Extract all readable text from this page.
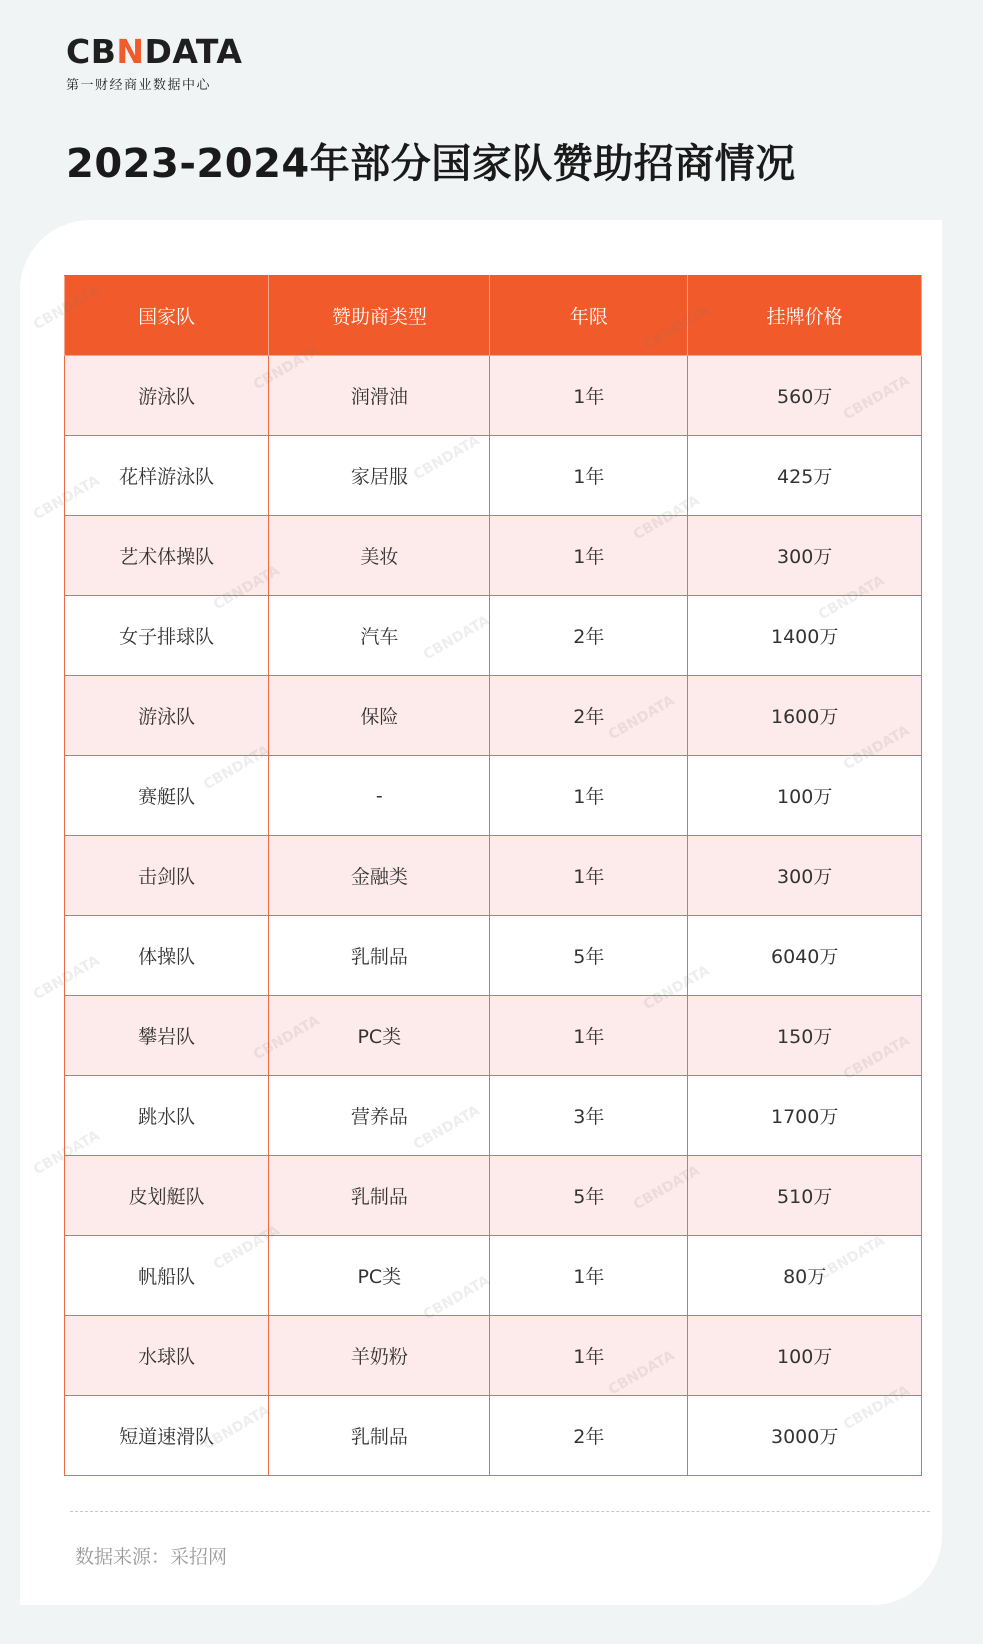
CBNDATA
第一财经商业数据中心
2023-2024年部分国家队赞助招商情况
国家队	赞助商类型	年限	挂牌价格
游泳队	润滑油	1年	560万
花样游泳队	家居服	1年	425万
艺术体操队	美妆	1年	300万
女子排球队	汽车	2年	1400万
游泳队	保险	2年	1600万
赛艇队	-	1年	100万
击剑队	金融类	1年	300万
体操队	乳制品	5年	6040万
攀岩队	PC类	1年	150万
跳水队	营养品	3年	1700万
皮划艇队	乳制品	5年	510万
帆船队	PC类	1年	80万
水球队	羊奶粉	1年	100万
短道速滑队	乳制品	2年	3000万
数据来源：采招网
